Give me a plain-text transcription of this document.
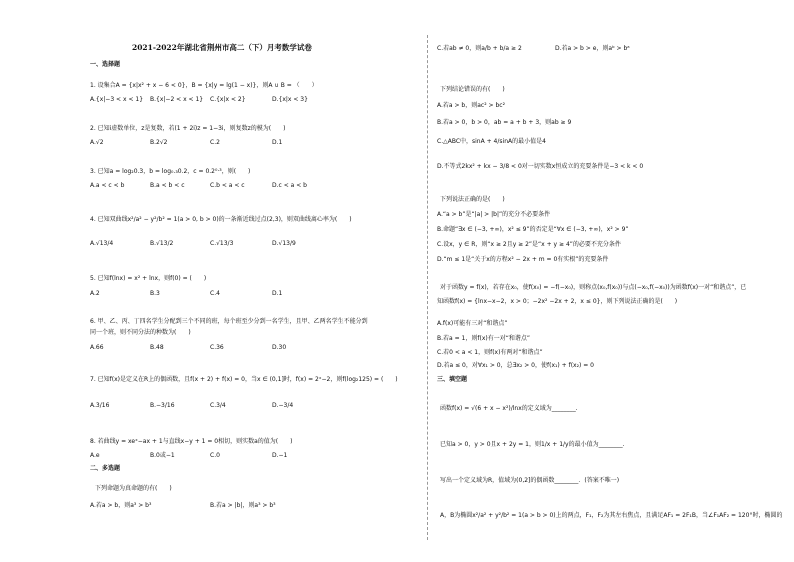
2021-2022年湖北省荆州市高二（下）月考数学试卷
一、选择题
1. 设集合A = {x|x² + x − 6 < 0}，B = {x|y = lg(1 − x)}，则A ∪ B = （　　）
A.{x|−3 < x < 1} B.{x|−2 < x < 1} C.{x|x < 2}	D.{x|x < 3}
2. 已知i虚数单位，z是复数，若(1 + 2i)z = 1−3i，则复数z的模为(　　)
A.√2	B.2√2	C.2	D.1
3. 已知a = log₂0.3，b = log₀.₃0.2，c = 0.2⁰·³，则(　　)
A.a < c < b	B.a < b < c	C.b < a < c	D.c < a < b
4. 已知双曲线x²/a² − y²/b² = 1(a > 0, b > 0)的一条渐近线过点(2,3)，则双曲线离心率为(　　)
A.√13/4	B.√13/2	C.√13/3	D.√13/9
5. 已知f(lnx) = x² + lnx，则f(0) = (　　)
A.2	B.3	C.4	D.1
6. 甲、乙、丙、丁四名学生分配到三个不同的班，每个班至少分到一名学生，且甲、乙两名学生不能分到
同一个班，则不同分法的种数为(　　)
A.66	B.48	C.36	D.30
7. 已知f(x)是定义在R上的偶函数，且f(x + 2) + f(x) = 0，当x ∈ (0,1]时，f(x) = 2ˣ−2，则f(log₂125) = (　　)
A.3/16	B.−3/16	C.3/4	D.−3/4
8. 若曲线y = xeˣ−ax + 1与直线x−y + 1 = 0相切，则实数a的值为(　　)
A.e	B.0或−1	C.0	D.−1
二、多选题
下列命题为真命题的有(　　)
A.若a > b，则a³ > b³	B.若a > |b|，则a³ > b³
C.若ab ≠ 0，则a/b + b/a ≥ 2	D.若a > b > e，则aᵇ > bᵃ
下列结论错误的有(　　)
A.若a > b，则ac² > bc²
B.若a > 0，b > 0，ab = a + b + 3，则ab ≥ 9
C.△ABC中，sinA + 4/sinA的最小值是4
D.不等式2kx² + kx − 3/8 < 0对一切实数x恒成立的充要条件是−3 < k < 0
下列说法正确的是(　　)
A.“a > b”是“|a| > |b|”的充分不必要条件
B.命题“∃x ∈ (−3, +∞)，x² ≤ 9”的否定是“∀x ∈ (−3, +∞)，x² > 9”
C.设x，y ∈ R，则“x ≥ 2且y ≥ 2”是“x + y ≥ 4”的必要不充分条件
D.“m ≤ 1是“关于x的方程x² − 2x + m = 0有实根”的充要条件
对于函数y = f(x)，若存在x₀，使f(x₀) = −f(−x₀)，则称点(x₀,f(x₀))与点(−x₀,f(−x₀))为函数f(x)一对“和谐点”，已
知函数f(x) = {lnx−x−2，x > 0；−2x² −2x + 2，x ≤ 0}，则下列说法正确的是(　　)
A.f(x)可能有三对“和谐点”
B.若a = 1，则f(x)有一对“和谐点”
C.若0 < a < 1，则f(x)有两对“和谐点”
D.若a ≤ 0，对∀x₁ > 0，总∃x₂ > 0，使f(x₁) + f(x₂) = 0
三、填空题
函数f(x) = √(6 + x − x²)/lnx的定义域为________.
已知a > 0，y > 0且x + 2y = 1，则1/x + 1/y的最小值为________.
写出一个定义域为R，值域为(0,2]的偶函数________．(答案不唯一)
A，B为椭圆x²/a² + y²/b² = 1(a > b > 0)上的两点，F₁，F₂为其左右焦点，且满足AF₁ = 2F₁B，当∠F₁AF₂ = 120°时，椭圆的
